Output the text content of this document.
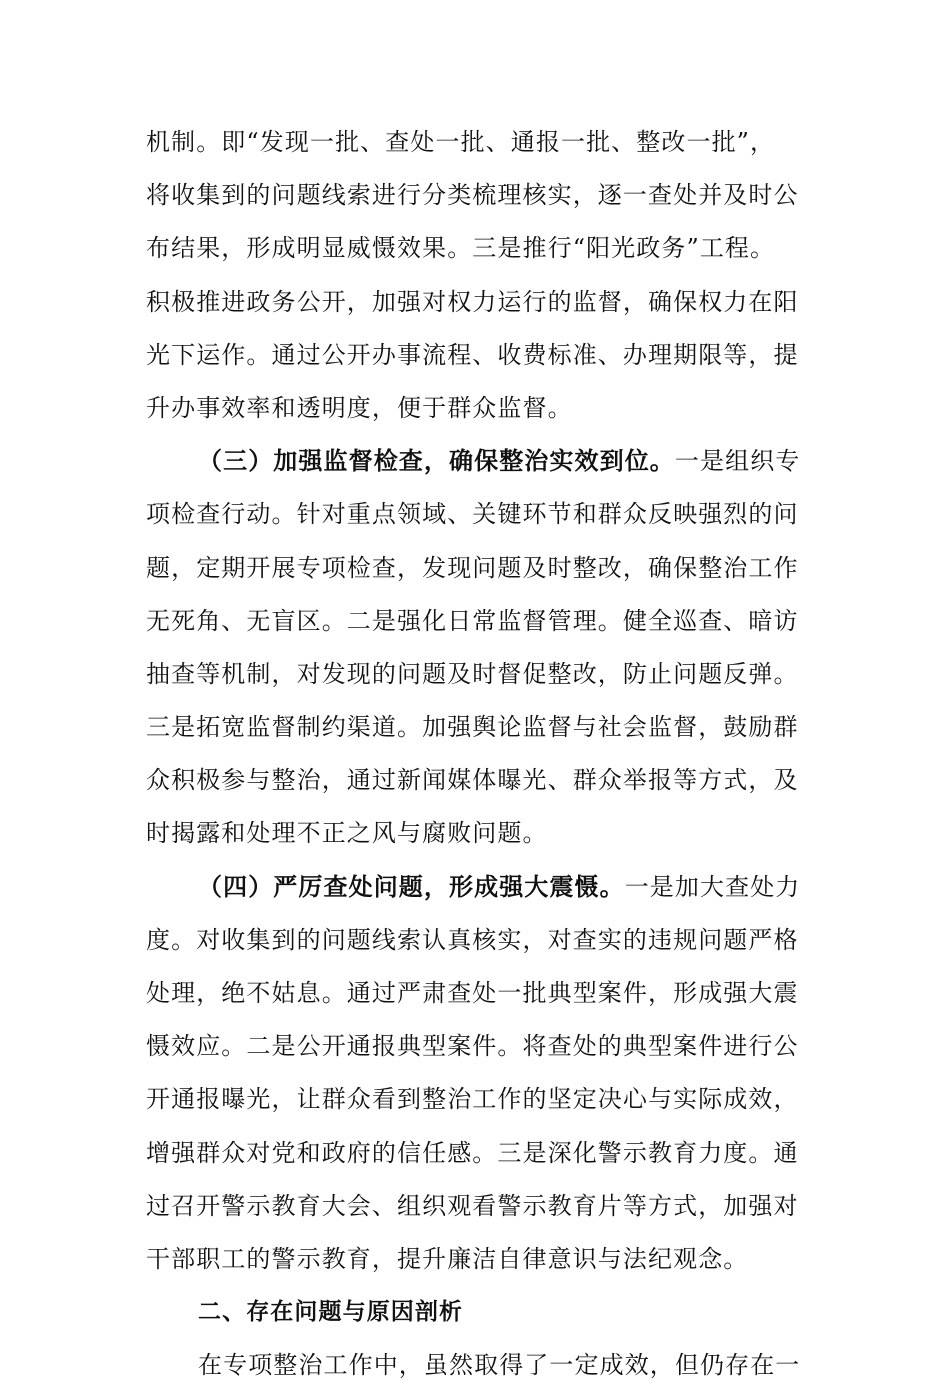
机制。即“发现一批、查处一批、通报一批、整改一批”，
将收集到的问题线索进行分类梳理核实，逐一查处并及时公
布结果，形成明显威慑效果。三是推行“阳光政务”工程。
积极推进政务公开，加强对权力运行的监督，确保权力在阳
光下运作。通过公开办事流程、收费标准、办理期限等，提
升办事效率和透明度，便于群众监督。
（三）加强监督检查，确保整治实效到位。一是组织专
项检查行动。针对重点领域、关键环节和群众反映强烈的问
题，定期开展专项检查，发现问题及时整改，确保整治工作
无死角、无盲区。二是强化日常监督管理。健全巡查、暗访
抽查等机制，对发现的问题及时督促整改，防止问题反弹。
三是拓宽监督制约渠道。加强舆论监督与社会监督，鼓励群
众积极参与整治，通过新闻媒体曝光、群众举报等方式，及
时揭露和处理不正之风与腐败问题。
（四）严厉查处问题，形成强大震慑。一是加大查处力
度。对收集到的问题线索认真核实，对查实的违规问题严格
处理，绝不姑息。通过严肃查处一批典型案件，形成强大震
慑效应。二是公开通报典型案件。将查处的典型案件进行公
开通报曝光，让群众看到整治工作的坚定决心与实际成效，
增强群众对党和政府的信任感。三是深化警示教育力度。通
过召开警示教育大会、组织观看警示教育片等方式，加强对
干部职工的警示教育，提升廉洁自律意识与法纪观念。
二、存在问题与原因剖析
在专项整治工作中，虽然取得了一定成效，但仍存在一
